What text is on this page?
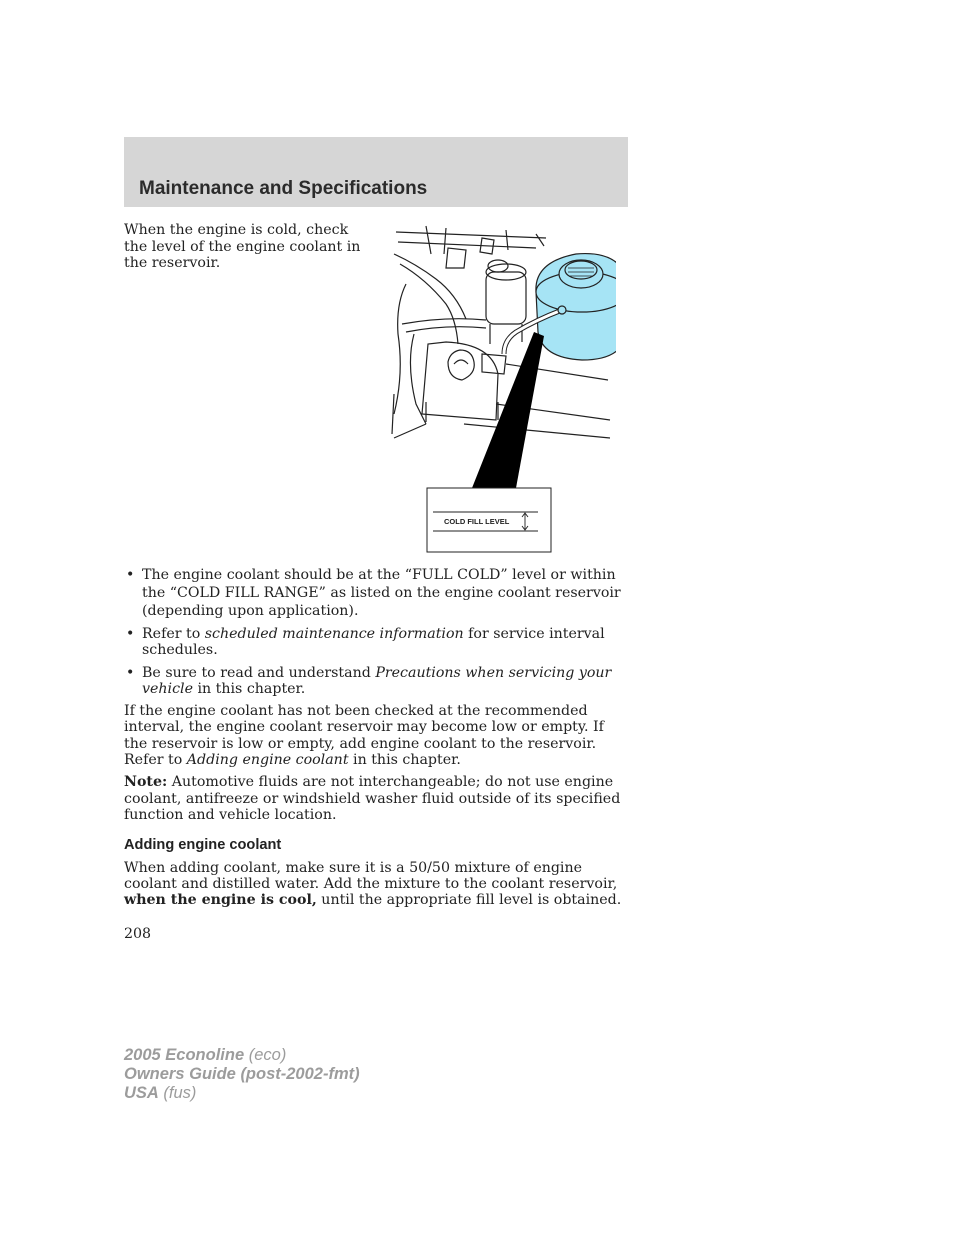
Maintenance and Specifications

When the engine is cold, check the level of the engine coolant in the reservoir.

COLD FILL LEVEL
• The engine coolant should be at the “FULL COLD” level or within the “COLD FILL RANGE” as listed on the engine coolant reservoir (depending upon application).
• Refer to scheduled maintenance information for service interval schedules.
• Be sure to read and understand Precautions when servicing your vehicle in this chapter.

If the engine coolant has not been checked at the recommended interval, the engine coolant reservoir may become low or empty. If the reservoir is low or empty, add engine coolant to the reservoir. Refer to Adding engine coolant in this chapter.

Note: Automotive fluids are not interchangeable; do not use engine coolant, antifreeze or windshield washer fluid outside of its specified function and vehicle location.

Adding engine coolant

When adding coolant, make sure it is a 50/50 mixture of engine coolant and distilled water. Add the mixture to the coolant reservoir, when the engine is cool, until the appropriate fill level is obtained.

208
2005 Econoline (eco)
Owners Guide (post-2002-fmt)
USA (fus)
